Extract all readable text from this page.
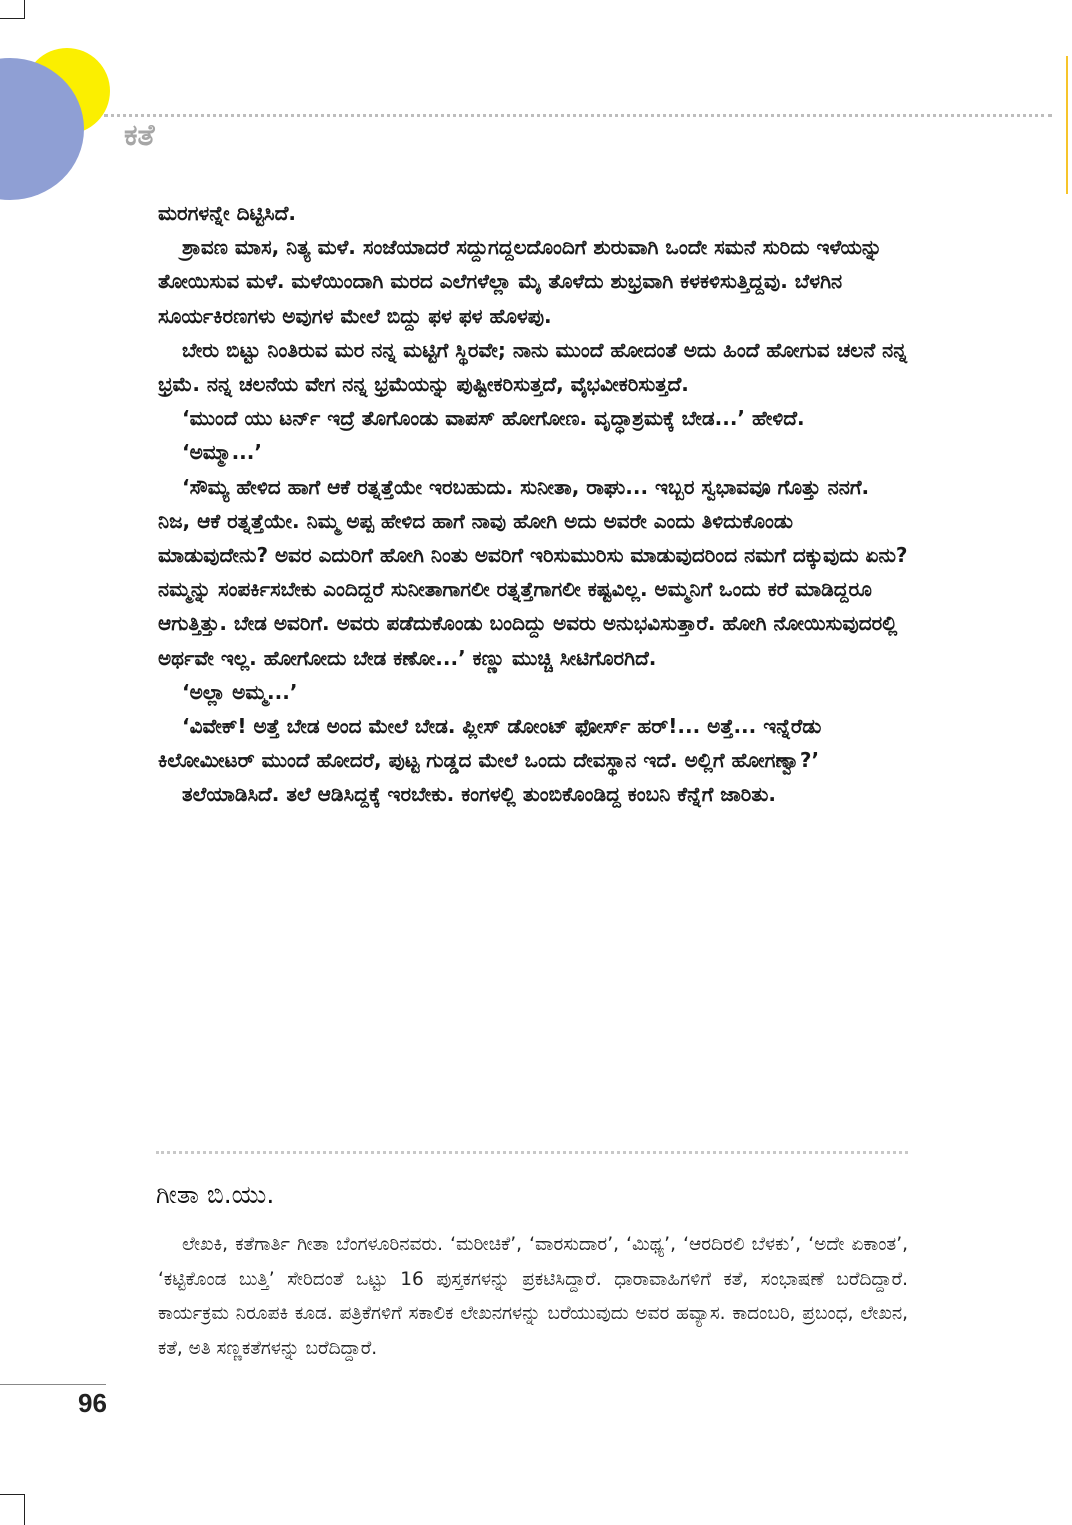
ಕತೆ

ಮರಗಳನ್ನೇ ದಿಟ್ಟಿಸಿದೆ.

ಶ್ರಾವಣ ಮಾಸ, ನಿತ್ಯ ಮಳೆ. ಸಂಜೆಯಾದರೆ ಸದ್ದುಗದ್ದಲದೊಂದಿಗೆ ಶುರುವಾಗಿ ಒಂದೇ ಸಮನೆ ಸುರಿದು ಇಳೆಯನ್ನು ತೋಯಿಸುವ ಮಳೆ. ಮಳೆಯಿಂದಾಗಿ ಮರದ ಎಲೆಗಳೆಲ್ಲಾ ಮೈ ತೊಳೆದು ಶುಭ್ರವಾಗಿ ಕಳಕಳಿಸುತ್ತಿದ್ದವು. ಬೆಳಗಿನ ಸೂರ್ಯಕಿರಣಗಳು ಅವುಗಳ ಮೇಲೆ ಬಿದ್ದು ಫಳ ಫಳ ಹೊಳಪು.

ಬೇರು ಬಿಟ್ಟು ನಿಂತಿರುವ ಮರ ನನ್ನ ಮಟ್ಟಿಗೆ ಸ್ಥಿರವೇ; ನಾನು ಮುಂದೆ ಹೋದಂತೆ ಅದು ಹಿಂದೆ ಹೋಗುವ ಚಲನೆ ನನ್ನ ಭ್ರಮೆ. ನನ್ನ ಚಲನೆಯ ವೇಗ ನನ್ನ ಭ್ರಮೆಯನ್ನು ಪುಷ್ಟೀಕರಿಸುತ್ತದೆ, ವೈಭವೀಕರಿಸುತ್ತದೆ.

‘ಮುಂದೆ ಯು ಟರ್ನ್ ಇದ್ರೆ ತೊಗೊಂಡು ವಾಪಸ್ ಹೋಗೋಣ. ವೃದ್ಧಾಶ್ರಮಕ್ಕೆ ಬೇಡ...’ ಹೇಳಿದೆ.

‘ಅಮ್ಮಾ...’

‘ಸೌಮ್ಯ ಹೇಳಿದ ಹಾಗೆ ಆಕೆ ರತ್ನತ್ತೆಯೇ ಇರಬಹುದು. ಸುನೀತಾ, ರಾಘು... ಇಬ್ಬರ ಸ್ವಭಾವವೂ ಗೊತ್ತು ನನಗೆ. ನಿಜ, ಆಕೆ ರತ್ನತ್ತೆಯೇ. ನಿಮ್ಮ ಅಪ್ಪ ಹೇಳಿದ ಹಾಗೆ ನಾವು ಹೋಗಿ ಅದು ಅವರೇ ಎಂದು ತಿಳಿದುಕೊಂಡು ಮಾಡುವುದೇನು? ಅವರ ಎದುರಿಗೆ ಹೋಗಿ ನಿಂತು ಅವರಿಗೆ ಇರಿಸುಮುರಿಸು ಮಾಡುವುದರಿಂದ ನಮಗೆ ದಕ್ಕುವುದು ಏನು? ನಮ್ಮನ್ನು ಸಂಪರ್ಕಿಸಬೇಕು ಎಂದಿದ್ದರೆ ಸುನೀತಾಗಾಗಲೀ ರತ್ನತ್ತೆಗಾಗಲೀ ಕಷ್ಟವಿಲ್ಲ. ಅಮ್ಮನಿಗೆ ಒಂದು ಕರೆ ಮಾಡಿದ್ದರೂ ಆಗುತ್ತಿತ್ತು. ಬೇಡ ಅವರಿಗೆ. ಅವರು ಪಡೆದುಕೊಂಡು ಬಂದಿದ್ದು ಅವರು ಅನುಭವಿಸುತ್ತಾರೆ. ಹೋಗಿ ನೋಯಿಸುವುದರಲ್ಲಿ ಅರ್ಥವೇ ಇಲ್ಲ. ಹೋಗೋದು ಬೇಡ ಕಣೋ...’ ಕಣ್ಣು ಮುಚ್ಚಿ ಸೀಟಿಗೊರಗಿದೆ.

‘ಅಲ್ಲಾ ಅಮ್ಮ...’

‘ವಿವೇಕ್! ಅತ್ತೆ ಬೇಡ ಅಂದ ಮೇಲೆ ಬೇಡ. ಪ್ಲೀಸ್ ಡೋಂಟ್ ಫೋರ್ಸ್ ಹರ್!... ಅತ್ತೆ... ಇನ್ನೆರೆಡು ಕಿಲೋಮೀಟರ್ ಮುಂದೆ ಹೋದರೆ, ಪುಟ್ಟ ಗುಡ್ಡದ ಮೇಲೆ ಒಂದು ದೇವಸ್ಥಾನ ಇದೆ. ಅಲ್ಲಿಗೆ ಹೋಗಣ್ವಾ?’

ತಲೆಯಾಡಿಸಿದೆ. ತಲೆ ಆಡಿಸಿದ್ದಕ್ಕೆ ಇರಬೇಕು. ಕಂಗಳಲ್ಲಿ ತುಂಬಿಕೊಂಡಿದ್ದ ಕಂಬನಿ ಕೆನ್ನೆಗೆ ಜಾರಿತು.

ಗೀತಾ ಬಿ.ಯು.

ಲೇಖಕಿ, ಕತೆಗಾರ್ತಿ ಗೀತಾ ಬೆಂಗಳೂರಿನವರು. ‘ಮರೀಚಿಕೆ’, ‘ವಾರಸುದಾರ’, ‘ಮಿಥ್ಯ’, ‘ಆರದಿರಲಿ ಬೆಳಕು’, ‘ಅದೇ ಏಕಾಂತ’, ‘ಕಟ್ಟಿಕೊಂಡ ಬುತ್ತಿ’ ಸೇರಿದಂತೆ ಒಟ್ಟು 16 ಪುಸ್ತಕಗಳನ್ನು ಪ್ರಕಟಿಸಿದ್ದಾರೆ. ಧಾರಾವಾಹಿಗಳಿಗೆ ಕತೆ, ಸಂಭಾಷಣೆ ಬರೆದಿದ್ದಾರೆ. ಕಾರ್ಯಕ್ರಮ ನಿರೂಪಕಿ ಕೂಡ. ಪತ್ರಿಕೆಗಳಿಗೆ ಸಕಾಲಿಕ ಲೇಖನಗಳನ್ನು ಬರೆಯುವುದು ಅವರ ಹವ್ಯಾಸ. ಕಾದಂಬರಿ, ಪ್ರಬಂಧ, ಲೇಖನ, ಕತೆ, ಅತಿ ಸಣ್ಣಕತೆಗಳನ್ನು ಬರೆದಿದ್ದಾರೆ.

96
